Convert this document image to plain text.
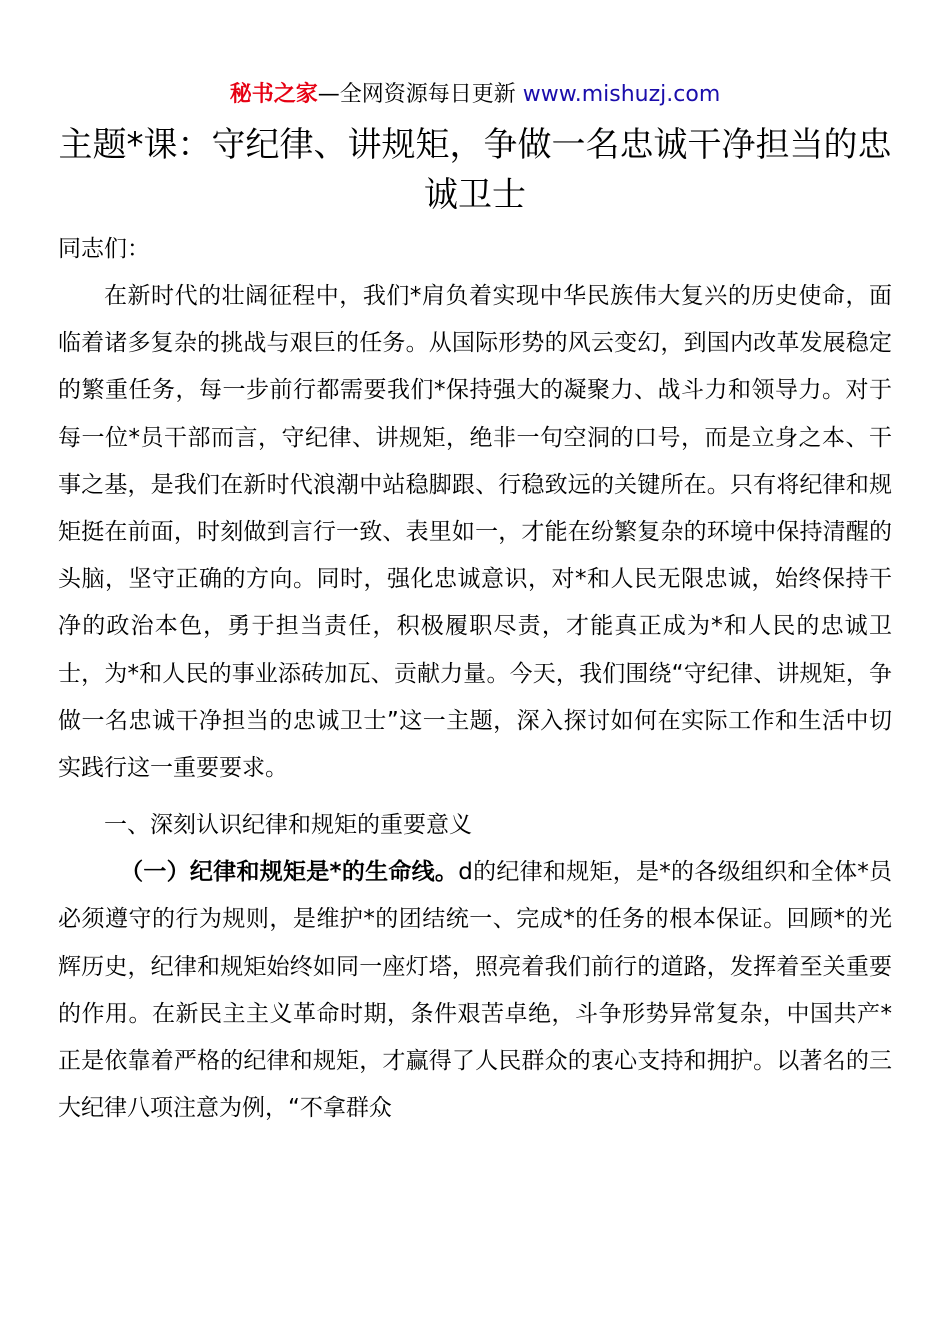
秘书之家—全网资源每日更新 www.mishuzj.com
主题*课：守纪律、讲规矩，争做一名忠诚干净担当的忠诚卫士
同志们：

在新时代的壮阔征程中，我们*肩负着实现中华民族伟大复兴的历史使命，面临着诸多复杂的挑战与艰巨的任务。从国际形势的风云变幻，到国内改革发展稳定的繁重任务，每一步前行都需要我们*保持强大的凝聚力、战斗力和领导力。对于每一位*员干部而言，守纪律、讲规矩，绝非一句空洞的口号，而是立身之本、干事之基，是我们在新时代浪潮中站稳脚跟、行稳致远的关键所在。只有将纪律和规矩挺在前面，时刻做到言行一致、表里如一，才能在纷繁复杂的环境中保持清醒的头脑，坚守正确的方向。同时，强化忠诚意识，对*和人民无限忠诚，始终保持干净的政治本色，勇于担当责任，积极履职尽责，才能真正成为*和人民的忠诚卫士，为*和人民的事业添砖加瓦、贡献力量。今天，我们围绕“守纪律、讲规矩，争做一名忠诚干净担当的忠诚卫士”这一主题，深入探讨如何在实际工作和生活中切实践行这一重要要求。

一、深刻认识纪律和规矩的重要意义

（一）纪律和规矩是*的生命线。d的纪律和规矩，是*的各级组织和全体*员必须遵守的行为规则，是维护*的团结统一、完成*的任务的根本保证。回顾*的光辉历史，纪律和规矩始终如同一座灯塔，照亮着我们前行的道路，发挥着至关重要的作用。在新民主主义革命时期，条件艰苦卓绝，斗争形势异常复杂，中国共产*正是依靠着严格的纪律和规矩，才赢得了人民群众的衷心支持和拥护。以著名的三大纪律八项注意为例，“不拿群众
